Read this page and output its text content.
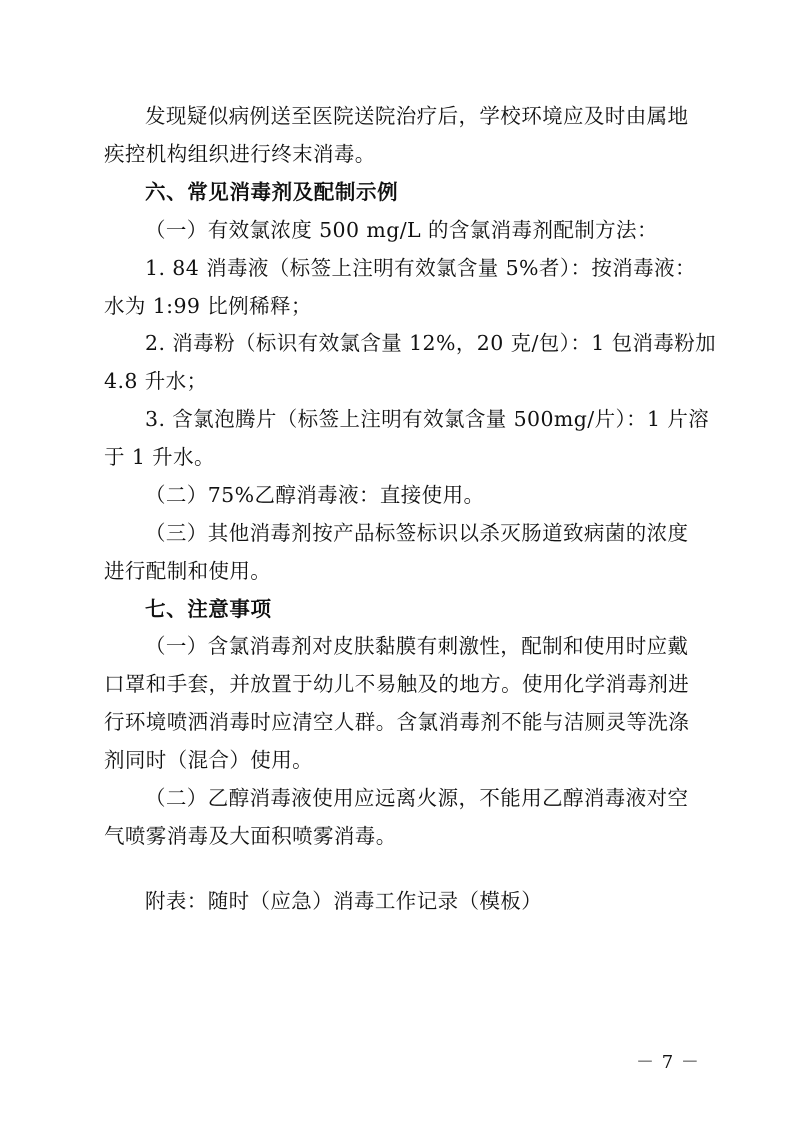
发现疑似病例送至医院送院治疗后，学校环境应及时由属地
疾控机构组织进行终末消毒。
六、常见消毒剂及配制示例
（一）有效氯浓度 500 mg/L 的含氯消毒剂配制方法：
1. 84 消毒液（标签上注明有效氯含量 5%者）：按消毒液：
水为 1:99 比例稀释；
2. 消毒粉（标识有效氯含量 12%，20 克/包）：1 包消毒粉加
4.8 升水；
3. 含氯泡腾片（标签上注明有效氯含量 500mg/片）：1 片溶
于 1 升水。
（二）75%乙醇消毒液：直接使用。
（三）其他消毒剂按产品标签标识以杀灭肠道致病菌的浓度
进行配制和使用。
七、注意事项
（一）含氯消毒剂对皮肤黏膜有刺激性，配制和使用时应戴
口罩和手套，并放置于幼儿不易触及的地方。使用化学消毒剂进
行环境喷洒消毒时应清空人群。含氯消毒剂不能与洁厕灵等洗涤
剂同时（混合）使用。
（二）乙醇消毒液使用应远离火源，不能用乙醇消毒液对空
气喷雾消毒及大面积喷雾消毒。
附表：随时（应急）消毒工作记录（模板）
－ 7 －
